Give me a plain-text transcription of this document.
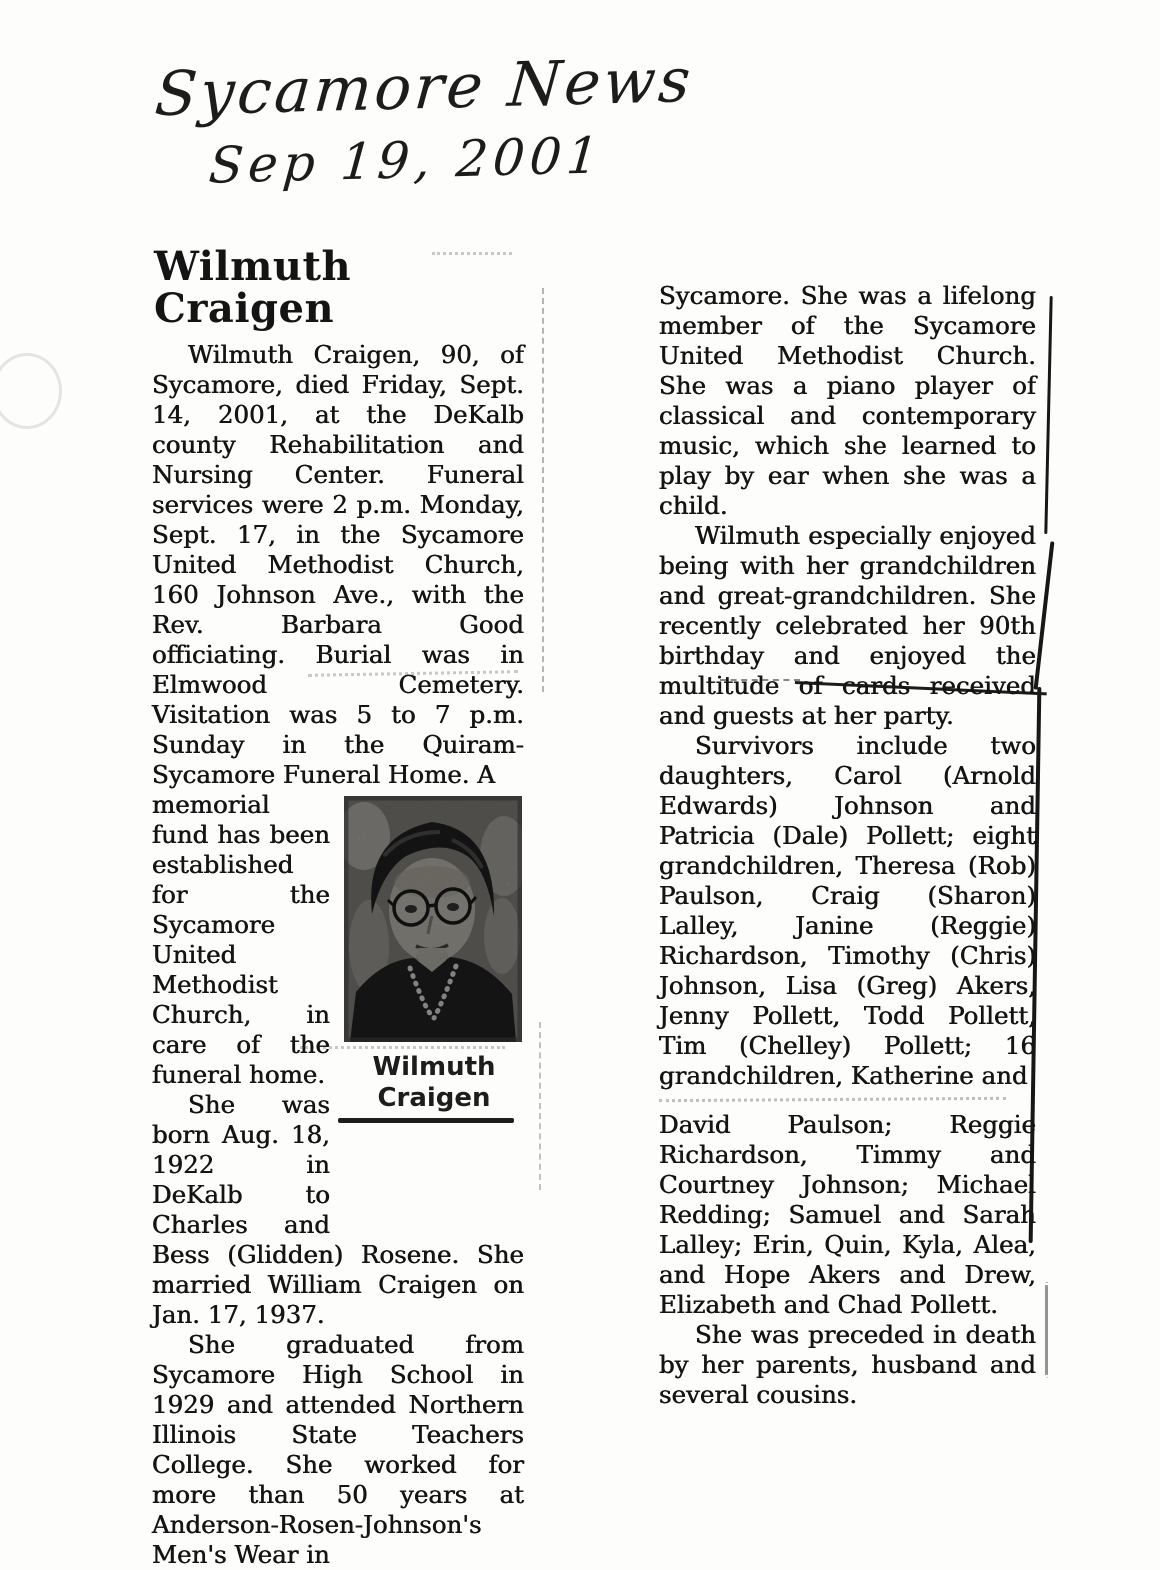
Sycamore News
Sep 19, 2001
Wilmuth Craigen

Wilmuth Craigen, 90, of Sycamore, died Friday, Sept. 14, 2001, at the DeKalb county Rehabilitation and Nursing Center. Funeral services were 2 p.m. Monday, Sept. 17, in the Sycamore United Methodist Church, 160 Johnson Ave., with the Rev. Barbara Good officiating. Burial was in Elmwood Cemetery. Visitation was 5 to 7 p.m. Sunday in the Quiram-Sycamore Funeral Home. A

Wilmuth
Craigen

memorial fund has been established for the Sycamore United Methodist Church, in care of the funeral home.

She was born Aug. 18, 1922 in DeKalb to Charles and Bess (Glidden) Rosene. She married William Craigen on Jan. 17, 1937.

She graduated from Sycamore High School in 1929 and attended Northern Illinois State Teachers College. She worked for more than 50 years at Anderson-Rosen-Johnson's Men's Wear in

Sycamore. She was a lifelong member of the Sycamore United Methodist Church. She was a piano player of classical and contemporary music, which she learned to play by ear when she was a child.

Wilmuth especially enjoyed being with her grandchildren and great-grandchildren. She recently celebrated her 90th birthday and enjoyed the multitude of cards received and guests at her party.

Survivors include two daughters, Carol (Arnold Edwards) Johnson and Patricia (Dale) Pollett; eight grandchildren, Theresa (Rob) Paulson, Craig (Sharon) Lalley, Janine (Reggie) Richardson, Timothy (Chris) Johnson, Lisa (Greg) Akers, Jenny Pollett, Todd Pollett, Tim (Chelley) Pollett; 16 grandchildren, Katherine and

David Paulson; Reggie Richardson, Timmy and Courtney Johnson; Michael Redding; Samuel and Sarah Lalley; Erin, Quin, Kyla, Alea, and Hope Akers and Drew, Elizabeth and Chad Pollett.

She was preceded in death by her parents, husband and several cousins.
